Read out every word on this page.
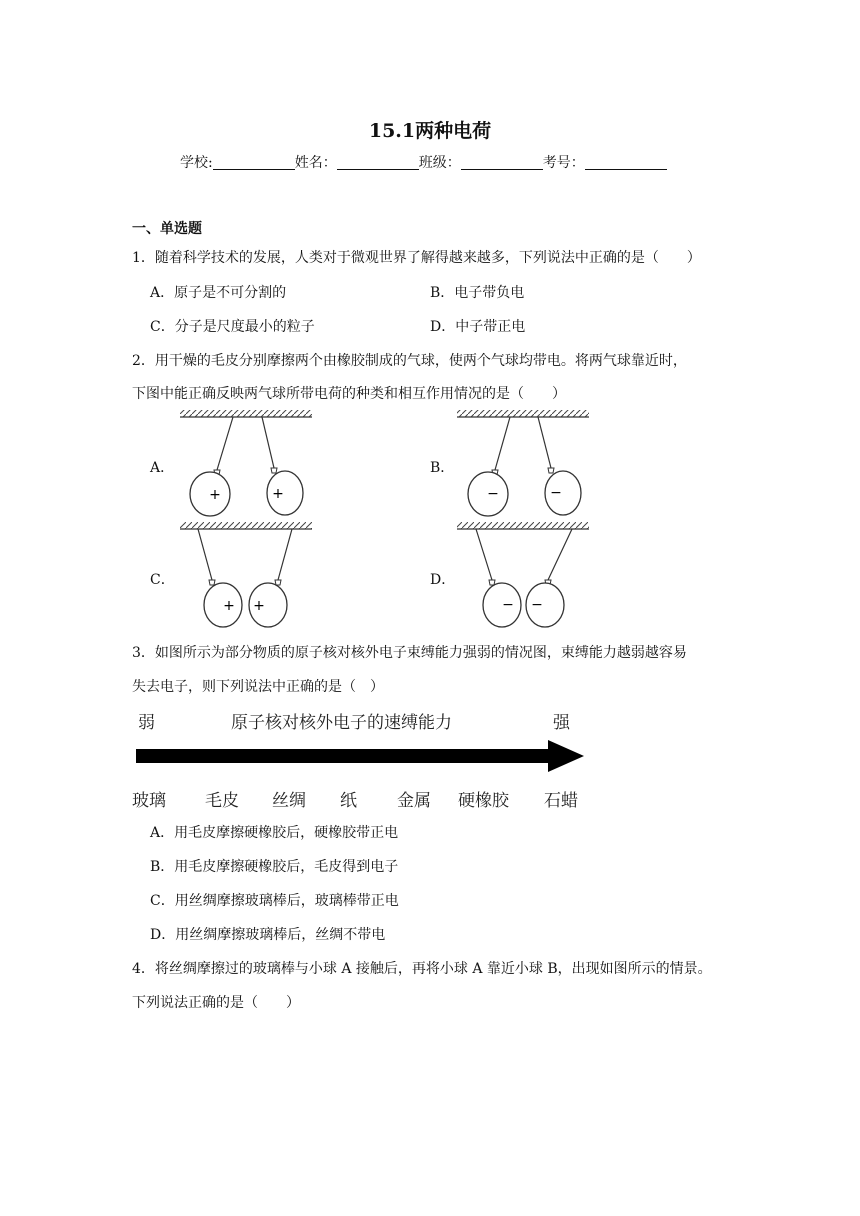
15.1两种电荷
学校:	姓名：	班级：	考号：
一、单选题
1．随着科学技术的发展，人类对于微观世界了解得越来越多，下列说法中正确的是（　　）
A．原子是不可分割的	B．电子带负电
C．分子是尺度最小的粒子	D．中子带正电
2．用干燥的毛皮分别摩擦两个由橡胶制成的气球，使两个气球均带电。将两气球靠近时，
下图中能正确反映两气球所带电荷的种类和相互作用情况的是（　　）
A．	B．
C．	D．
+	+	−	−
+ +	− −
3．如图所示为部分物质的原子核对核外电子束缚能力强弱的情况图，束缚能力越弱越容易
失去电子，则下列说法中正确的是（　）
弱	原子核对核外电子的速缚能力	强
玻璃 毛皮 丝绸 纸 金属 硬橡胶 石蜡
A．用毛皮摩擦硬橡胶后，硬橡胶带正电
B．用毛皮摩擦硬橡胶后，毛皮得到电子
C．用丝绸摩擦玻璃棒后，玻璃棒带正电
D．用丝绸摩擦玻璃棒后，丝绸不带电
4．将丝绸摩擦过的玻璃棒与小球 A 接触后，再将小球 A 靠近小球 B，出现如图所示的情景。
下列说法正确的是（　　）
